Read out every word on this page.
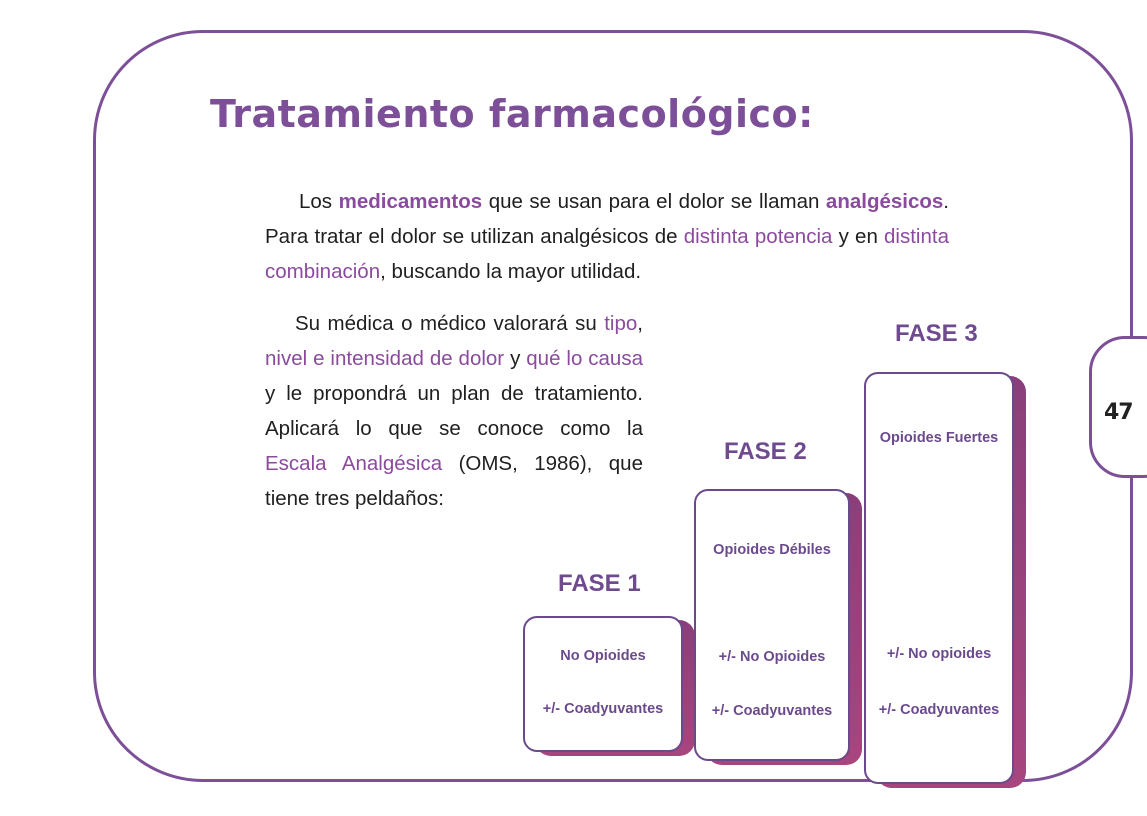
47
Tratamiento farmacológico:

Los medicamentos que se usan para el dolor se llaman analgésicos. Para tratar el dolor se utilizan analgésicos de distinta potencia y en distinta combinación, buscando la mayor utilidad.

Su médica o médico valorará su tipo, nivel e intensidad de dolor y qué lo causa y le propondrá un plan de tratamiento. Aplicará lo que se conoce como la Escala Analgésica (OMS, 1986), que tiene tres peldaños:

FASE 1
No Opioides
+/- Coadyuvantes
FASE 2
Opioides Débiles
+/- No Opioides
+/- Coadyuvantes
FASE 3
Opioides Fuertes
+/- No opioides
+/- Coadyuvantes
